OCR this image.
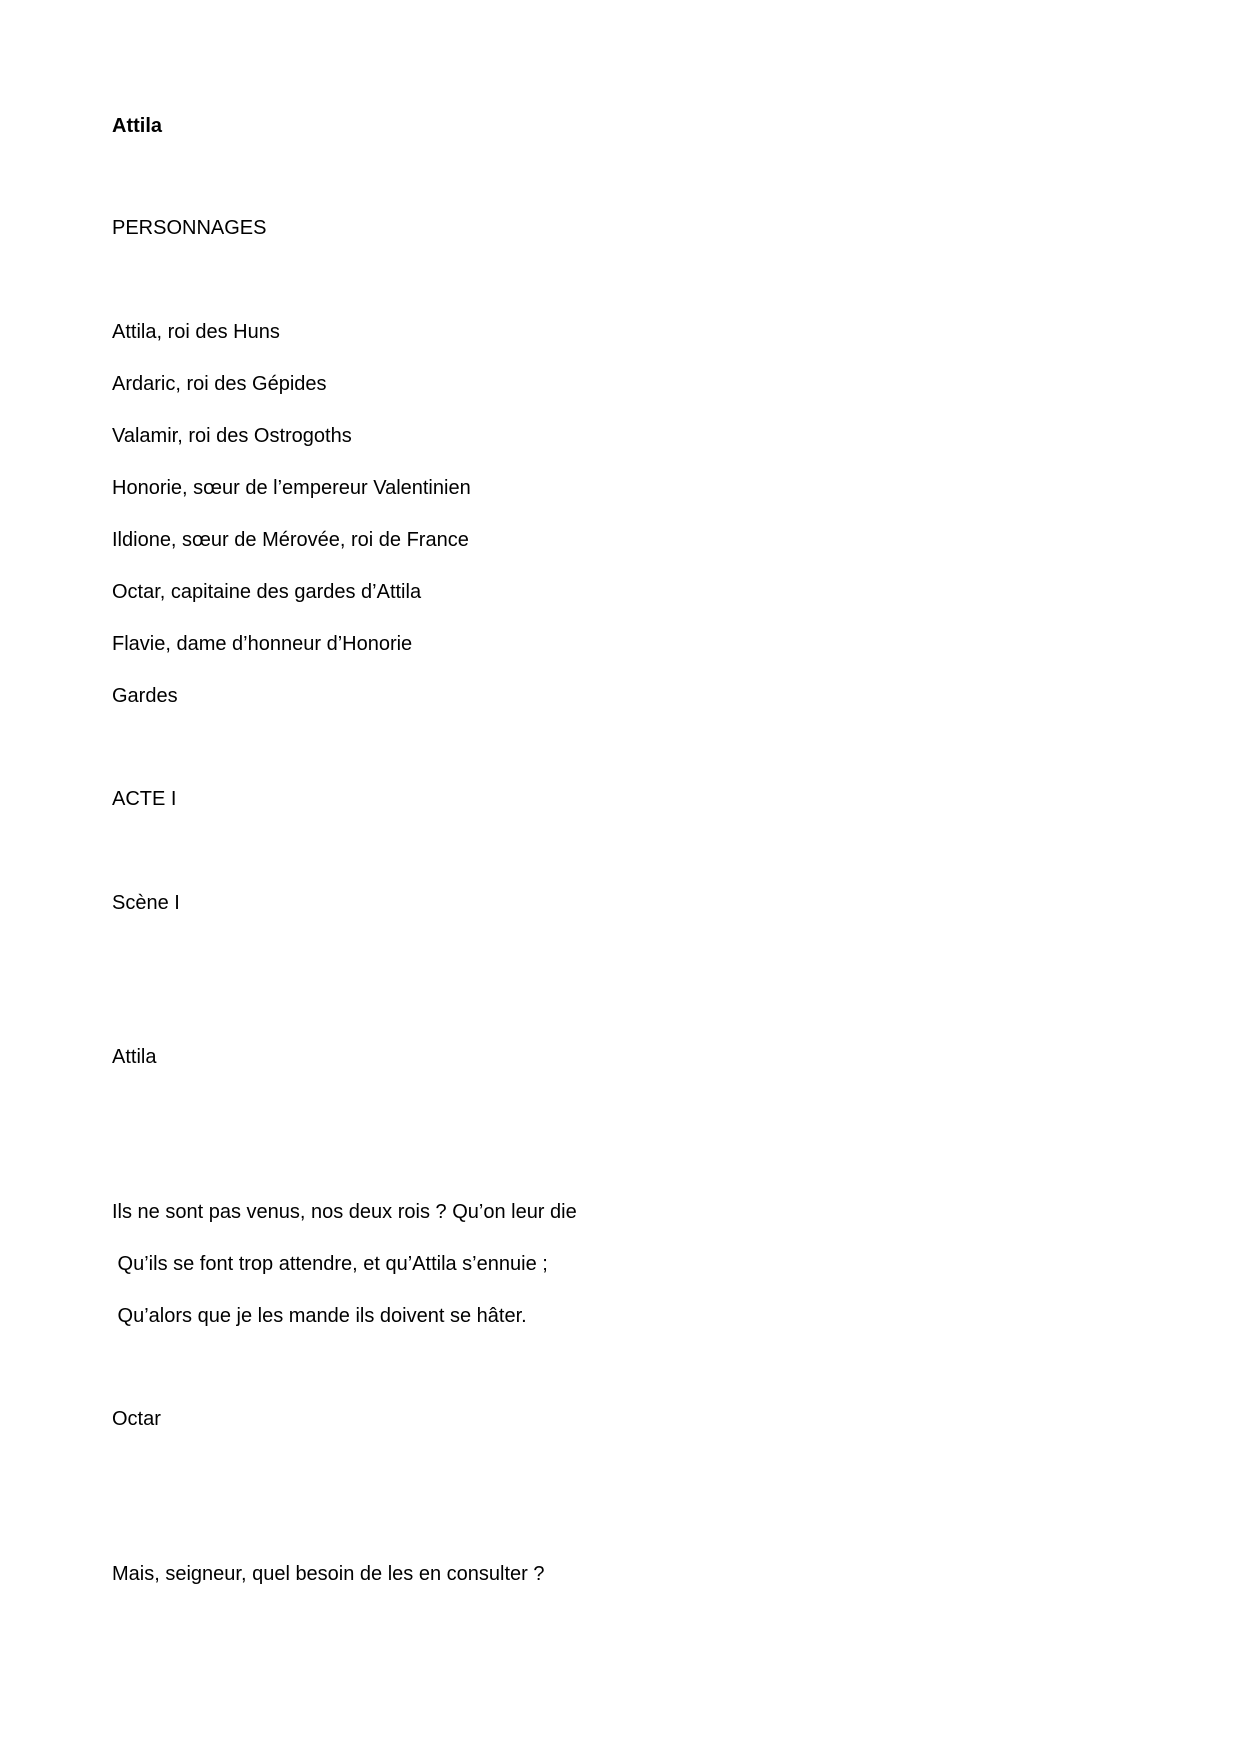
Attila
PERSONNAGES
Attila, roi des Huns
Ardaric, roi des Gépides
Valamir, roi des Ostrogoths
Honorie, sœur de l’empereur Valentinien
Ildione, sœur de Mérovée, roi de France
Octar, capitaine des gardes d’Attila
Flavie, dame d’honneur d’Honorie
Gardes
ACTE I
Scène I
Attila
Ils ne sont pas venus, nos deux rois ? Qu’on leur die
Qu’ils se font trop attendre, et qu’Attila s’ennuie ;
Qu’alors que je les mande ils doivent se hâter.
Octar
Mais, seigneur, quel besoin de les en consulter ?
